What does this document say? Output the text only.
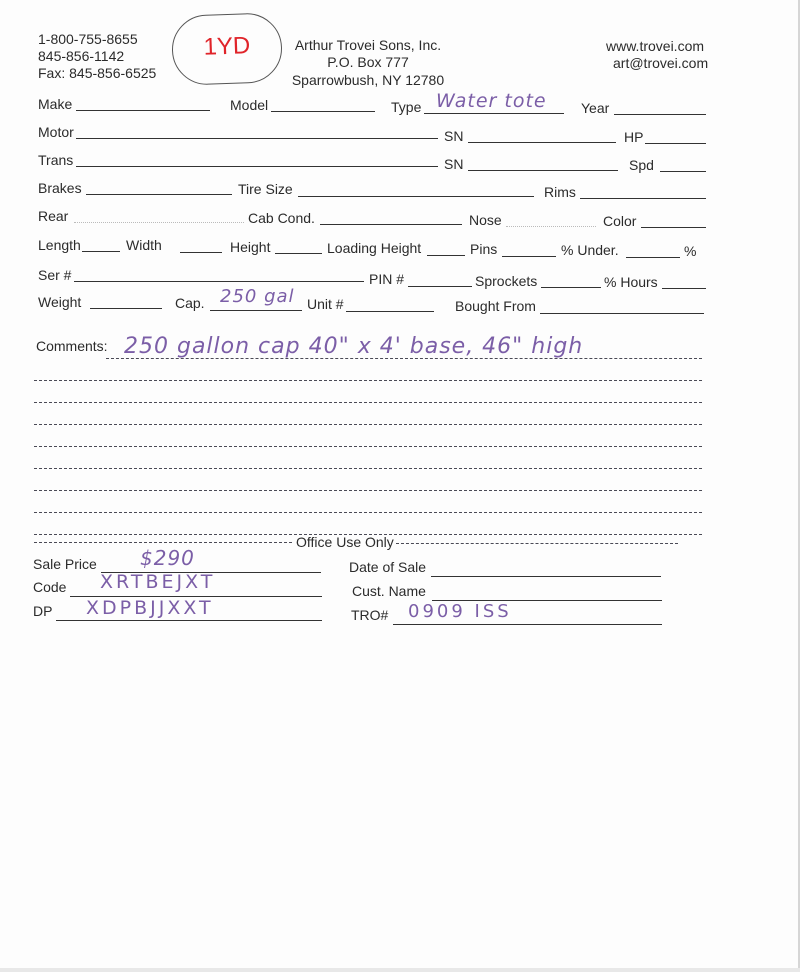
1-800-755-8655
845-856-1142
Fax: 845-856-6525
1YD	Arthur Trovei Sons, Inc.
P.O. Box 777
Sparrowbush, NY 12780
www.trovei.com
art@trovei.com
Make	Model	Type Water tote Year
Motor	SN	HP
Trans	SN	Spd
Brakes	Tire Size	Rims
Rear	Cab Cond.	Nose	Color
Length	Width	Height	Loading Height	Pins	% Under.	%
Ser #	PIN #	Sprockets	% Hours
Weight	Cap. 250 gal Unit #	Bought From
Comments: 250 gallon cap 40" x 4' base, 46" high
Office Use Only
Sale Price $290
Code XRTBEJXT
DP XDPBJJXXT
Date of Sale
Cust. Name
TRO# 0909 ISS
